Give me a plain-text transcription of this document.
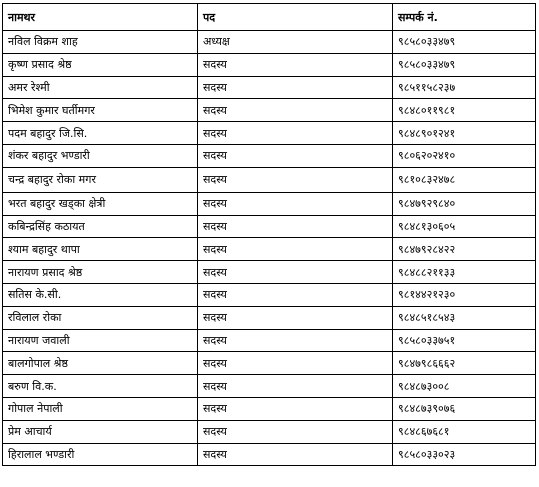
नामथर	पद	सम्पर्क नं.
नविल विक्रम शाह	अध्यक्ष	९८५८०३३४७९
कृष्ण प्रसाद श्रेष्ठ	सदस्य	९८५८०३३४७९
अमर रेश्मी	सदस्य	९८५११५८२३७
भिमेश कुमार घर्तीमगर	सदस्य	९८४८०११९८१
पदम बहादुर जि.सि.	सदस्य	९८४८९०१२४१
शंकर बहादुर भण्डारी	सदस्य	९८०६२०२४१०
चन्द्र बहादुर रोका मगर	सदस्य	९८१०८३२४७८
भरत बहादुर खड्का क्षेत्री	सदस्य	९८४७९२९८४०
कबिन्द्रसिंह कठायत	सदस्य	९८४८१३०६०५
श्याम बहादुर थापा	सदस्य	९८४७९२८४२२
नारायण प्रसाद श्रेष्ठ	सदस्य	९८४८८२११३३
सतिस के.सी.	सदस्य	९८१४४२१२३०
रविलाल रोका	सदस्य	९८४८५१८५४३
नारायण जवाली	सदस्य	९८५८०३३७५१
बालगोपाल श्रेष्ठ	सदस्य	९८४७९८६६६२
बरुण वि.क.	सदस्य	९८४८७३००८
गोपाल नेपाली	सदस्य	९८४८७३९०७६
प्रेम आचार्य	सदस्य	९८४८६७६८१
हिरालाल भण्डारी	सदस्य	९८५८०३३०२३
